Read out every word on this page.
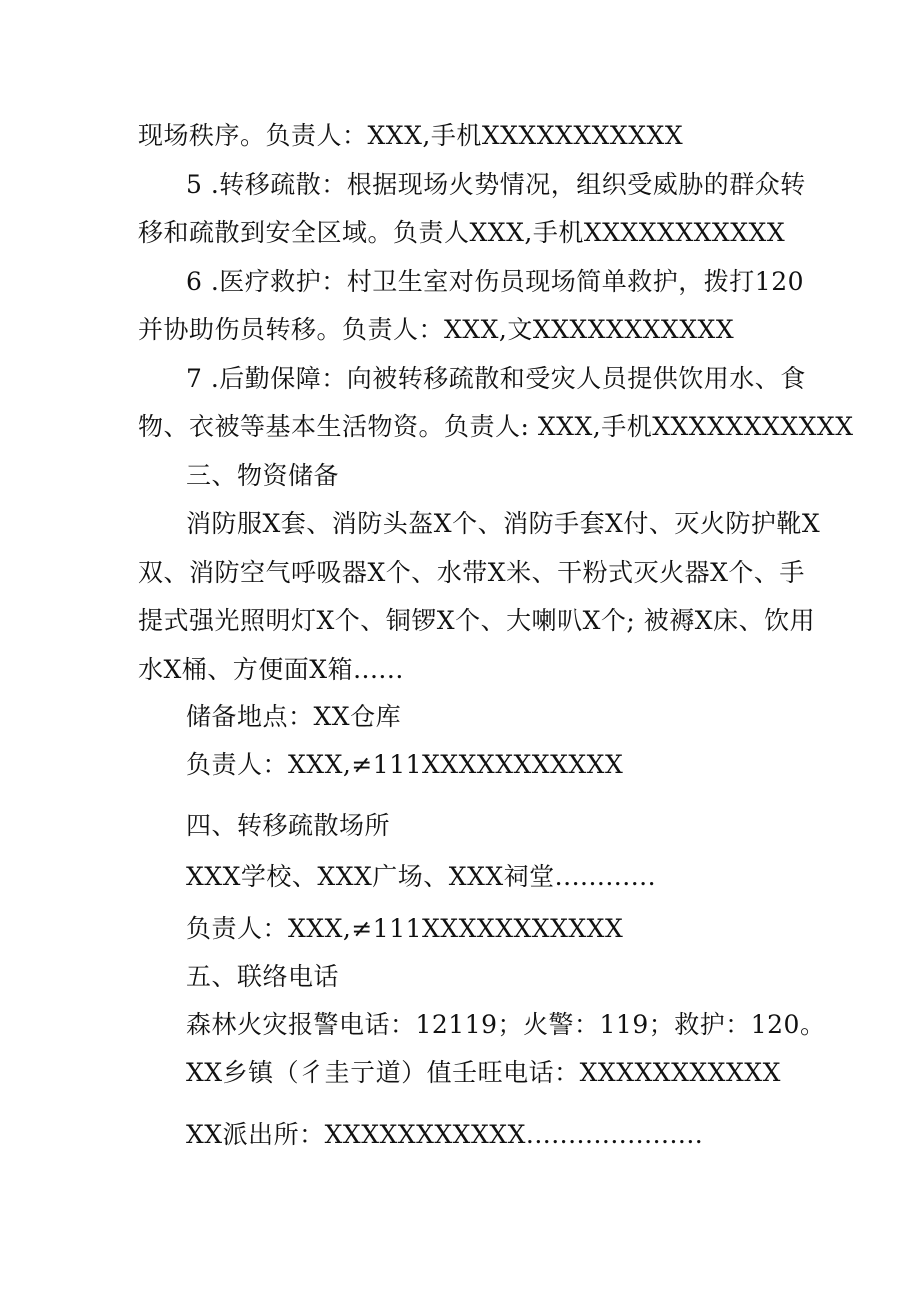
现场秩序。负责人：XXX,手机XXXXXXXXXXX
5 .转移疏散：根据现场火势情况，组织受威胁的群众转
移和疏散到安全区域。负责人XXX,手机XXXXXXXXXXX
6 .医疗救护：村卫生室对伤员现场简单救护，拨打120
并协助伤员转移。负责人：XXX,文XXXXXXXXXXX
7 .后勤保障：向被转移疏散和受灾人员提供饮用水、食
物、衣被等基本生活物资。负责人: XXX,手机XXXXXXXXXXX
三、物资储备
消防服X套、消防头盔X个、消防手套X付、灭火防护靴X
双、消防空气呼吸器X个、水带X米、干粉式灭火器X个、手
提式强光照明灯X个、铜锣X个、大喇叭X个; 被褥X床、饮用
水X桶、方便面X箱......
储备地点：XX仓库
负责人：XXX,≠111XXXXXXXXXXX
四、转移疏散场所
XXX学校、XXX广场、XXX祠堂............
负责人：XXX,≠111XXXXXXXXXXX
五、联络电话
森林火灾报警电话：12119；火警：119；救护：120。
XX乡镇（彳圭亍道）值壬旺电话：XXXXXXXXXXX
XX派出所：XXXXXXXXXXX.....................
